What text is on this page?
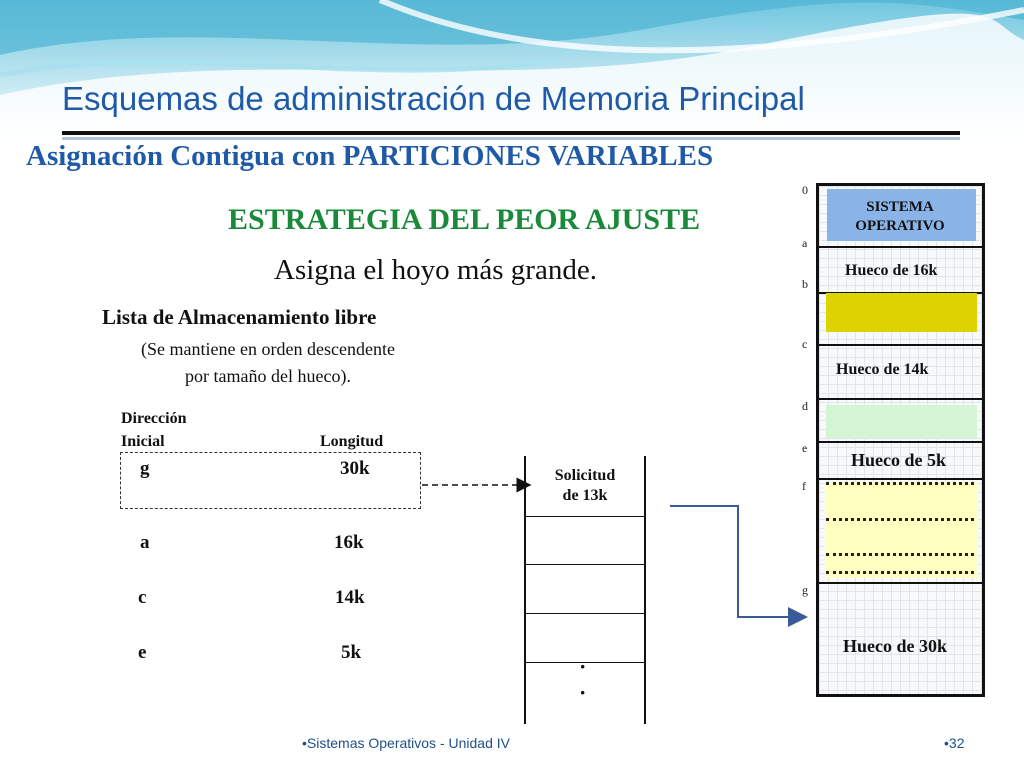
Esquemas de administración de Memoria Principal
Asignación Contigua con PARTICIONES VARIABLES
ESTRATEGIA DEL PEOR AJUSTE
Asigna el hoyo más grande.
Lista de Almacenamiento libre
(Se mantiene en orden descendente
por tamaño del hueco).
Dirección
Inicial	Longitud
g	30k
a	16k
c	14k
e	5k
Solicitud
de 13k
·
·
0
a
b
c
d
e
f
g
SISTEMA
OPERATIVO
Hueco de 16k
Hueco de 14k
Hueco de 5k
Hueco de 30k
•Sistemas Operativos - Unidad IV	•32
